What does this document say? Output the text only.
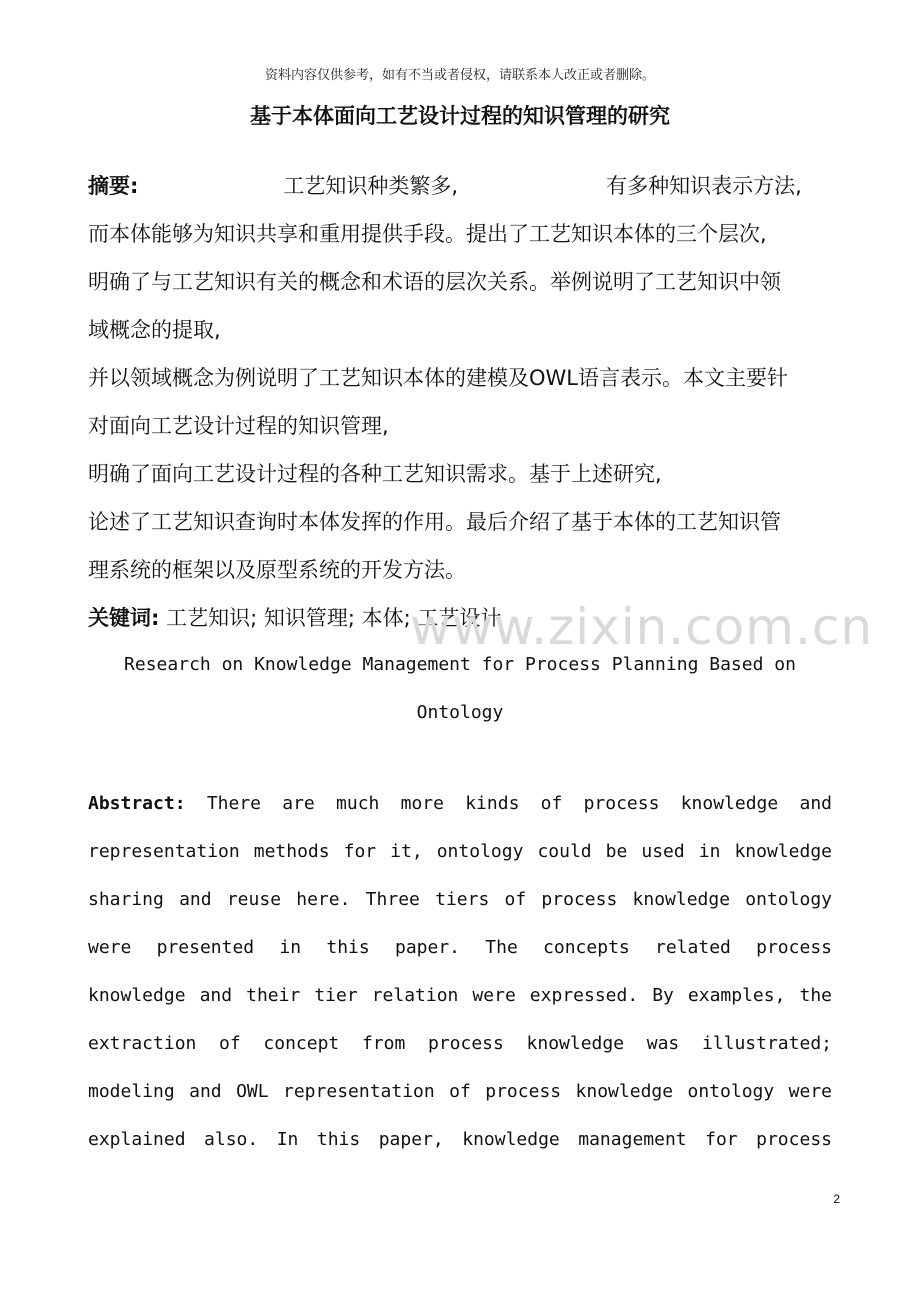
资料内容仅供参考，如有不当或者侵权，请联系本人改正或者删除。
基于本体面向工艺设计过程的知识管理的研究
摘要:	工艺知识种类繁多,	有多种知识表示方法,
而本体能够为知识共享和重用提供手段。提出了工艺知识本体的三个层次,
明确了与工艺知识有关的概念和术语的层次关系。举例说明了工艺知识中领
域概念的提取,
并以领域概念为例说明了工艺知识本体的建模及OWL语言表示。本文主要针
对面向工艺设计过程的知识管理,
明确了面向工艺设计过程的各种工艺知识需求。基于上述研究,
论述了工艺知识查询时本体发挥的作用。最后介绍了基于本体的工艺知识管
理系统的框架以及原型系统的开发方法。
关键词: 工艺知识; 知识管理; 本体; 工艺设计
www.zixin.com.cn
Research on Knowledge Management for Process Planning Based on
Ontology
Abstract: There are much more kinds of process knowledge and
representation methods for it, ontology could be used in knowledge
sharing and reuse here. Three tiers of process knowledge ontology
were presented in this paper. The concepts related process
knowledge and their tier relation were expressed. By examples, the
extraction of concept from process knowledge was illustrated;
modeling and OWL representation of process knowledge ontology were
explained also. In this paper, knowledge management for process
2
